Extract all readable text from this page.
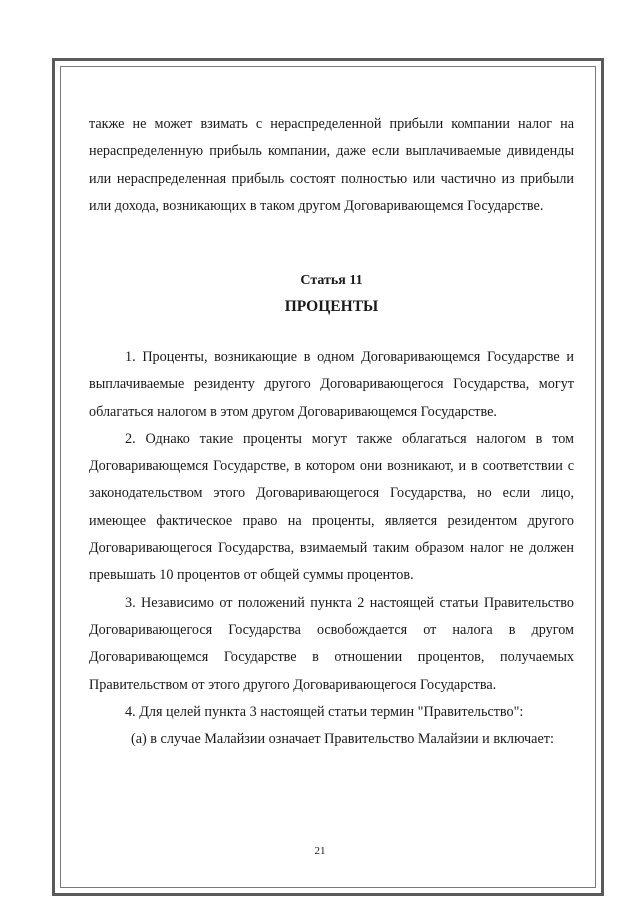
также не может взимать с нераспределенной прибыли компании налог на нераспределенную прибыль компании, даже если выплачиваемые дивиденды или нераспределенная прибыль состоят полностью или частично из прибыли или дохода, возникающих в таком другом Договаривающемся Государстве.

Статья 11

ПРОЦЕНТЫ

1. Проценты, возникающие в одном Договаривающемся Государстве и выплачиваемые резиденту другого Договаривающегося Государства, могут облагаться налогом в этом другом Договаривающемся Государстве.

2. Однако такие проценты могут также облагаться налогом в том Договаривающемся Государстве, в котором они возникают, и в соответствии с законодательством этого Договаривающегося Государства, но если лицо, имеющее фактическое право на проценты, является резидентом другого Договаривающегося Государства, взимаемый таким образом налог не должен превышать 10 процентов от общей суммы процентов.

3. Независимо от положений пункта 2 настоящей статьи Правительство Договаривающегося Государства освобождается от налога в другом Договаривающемся Государстве в отношении процентов, получаемых Правительством от этого другого Договаривающегося Государства.

4. Для целей пункта 3 настоящей статьи термин "Правительство":

(а) в случае Малайзии означает Правительство Малайзии и включает:

21
